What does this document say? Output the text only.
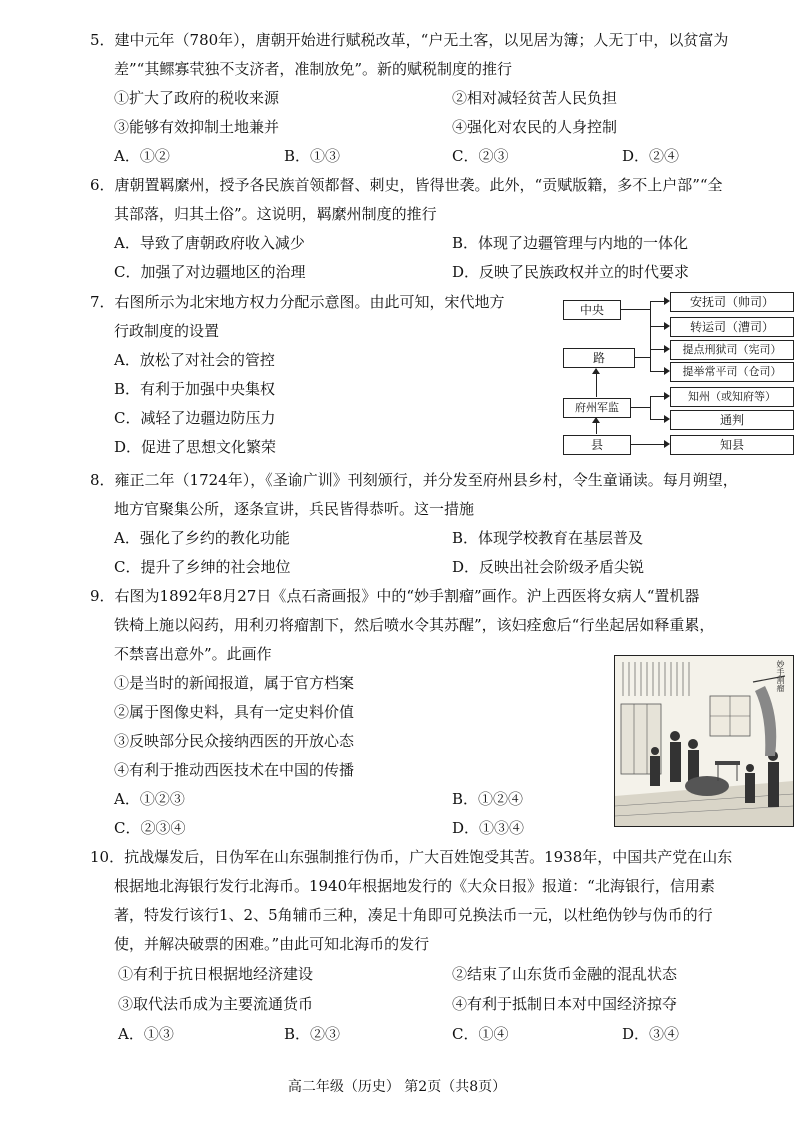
5．建中元年（780年），唐朝开始进行赋税改革，“户无土客，以见居为簿；人无丁中，以贫富为
差”“其鳏寡茕独不支济者，准制放免”。新的赋税制度的推行
①扩大了政府的税收来源	②相对减轻贫苦人民负担
③能够有效抑制土地兼并	④强化对农民的人身控制
A．①②	B．①③	C．②③	D．②④
6．唐朝置羁縻州，授予各民族首领都督、刺史，皆得世袭。此外，“贡赋版籍，多不上户部”“全
其部落，归其土俗”。这说明，羁縻州制度的推行
A．导致了唐朝政府收入减少	B．体现了边疆管理与内地的一体化
C．加强了对边疆地区的治理	D．反映了民族政权并立的时代要求
7．右图所示为北宋地方权力分配示意图。由此可知，宋代地方
行政制度的设置
A．放松了对社会的管控
B．有利于加强中央集权
C．减轻了边疆边防压力
D．促进了思想文化繁荣
中央
路
府州军监
县
安抚司（帅司）
转运司（漕司）
提点刑狱司（宪司）
提举常平司（仓司）
知州（或知府等）
通判
知县
8．雍正二年（1724年），《圣谕广训》刊刻颁行，并分发至府州县乡村，令生童诵读。每月朔望，
地方官聚集公所，逐条宣讲，兵民皆得恭听。这一措施
A．强化了乡约的教化功能	B．体现学校教育在基层普及
C．提升了乡绅的社会地位	D．反映出社会阶级矛盾尖锐
9．右图为1892年8月27日《点石斋画报》中的“妙手割瘤”画作。沪上西医将女病人“置机器
铁椅上施以闷药，用利刃将瘤割下，然后喷水令其苏醒”，该妇痊愈后“行坐起居如释重累，
不禁喜出意外”。此画作
①是当时的新闻报道，属于官方档案
②属于图像史料，具有一定史料价值
③反映部分民众接纳西医的开放心态
④有利于推动西医技术在中国的传播
A．①②③	B．①②④
C．②③④	D．①③④
妙手割瘤
10．抗战爆发后，日伪军在山东强制推行伪币，广大百姓饱受其苦。1938年，中国共产党在山东
根据地北海银行发行北海币。1940年根据地发行的《大众日报》报道：“北海银行，信用素
著，特发行该行1、2、5角辅币三种，凑足十角即可兑换法币一元，以杜绝伪钞与伪币的行
使，并解决破票的困难。”由此可知北海币的发行
①有利于抗日根据地经济建设	②结束了山东货币金融的混乱状态
③取代法币成为主要流通货币	④有利于抵制日本对中国经济掠夺
A．①③	B．②③	C．①④	D．③④
高二年级（历史） 第2页（共8页）
